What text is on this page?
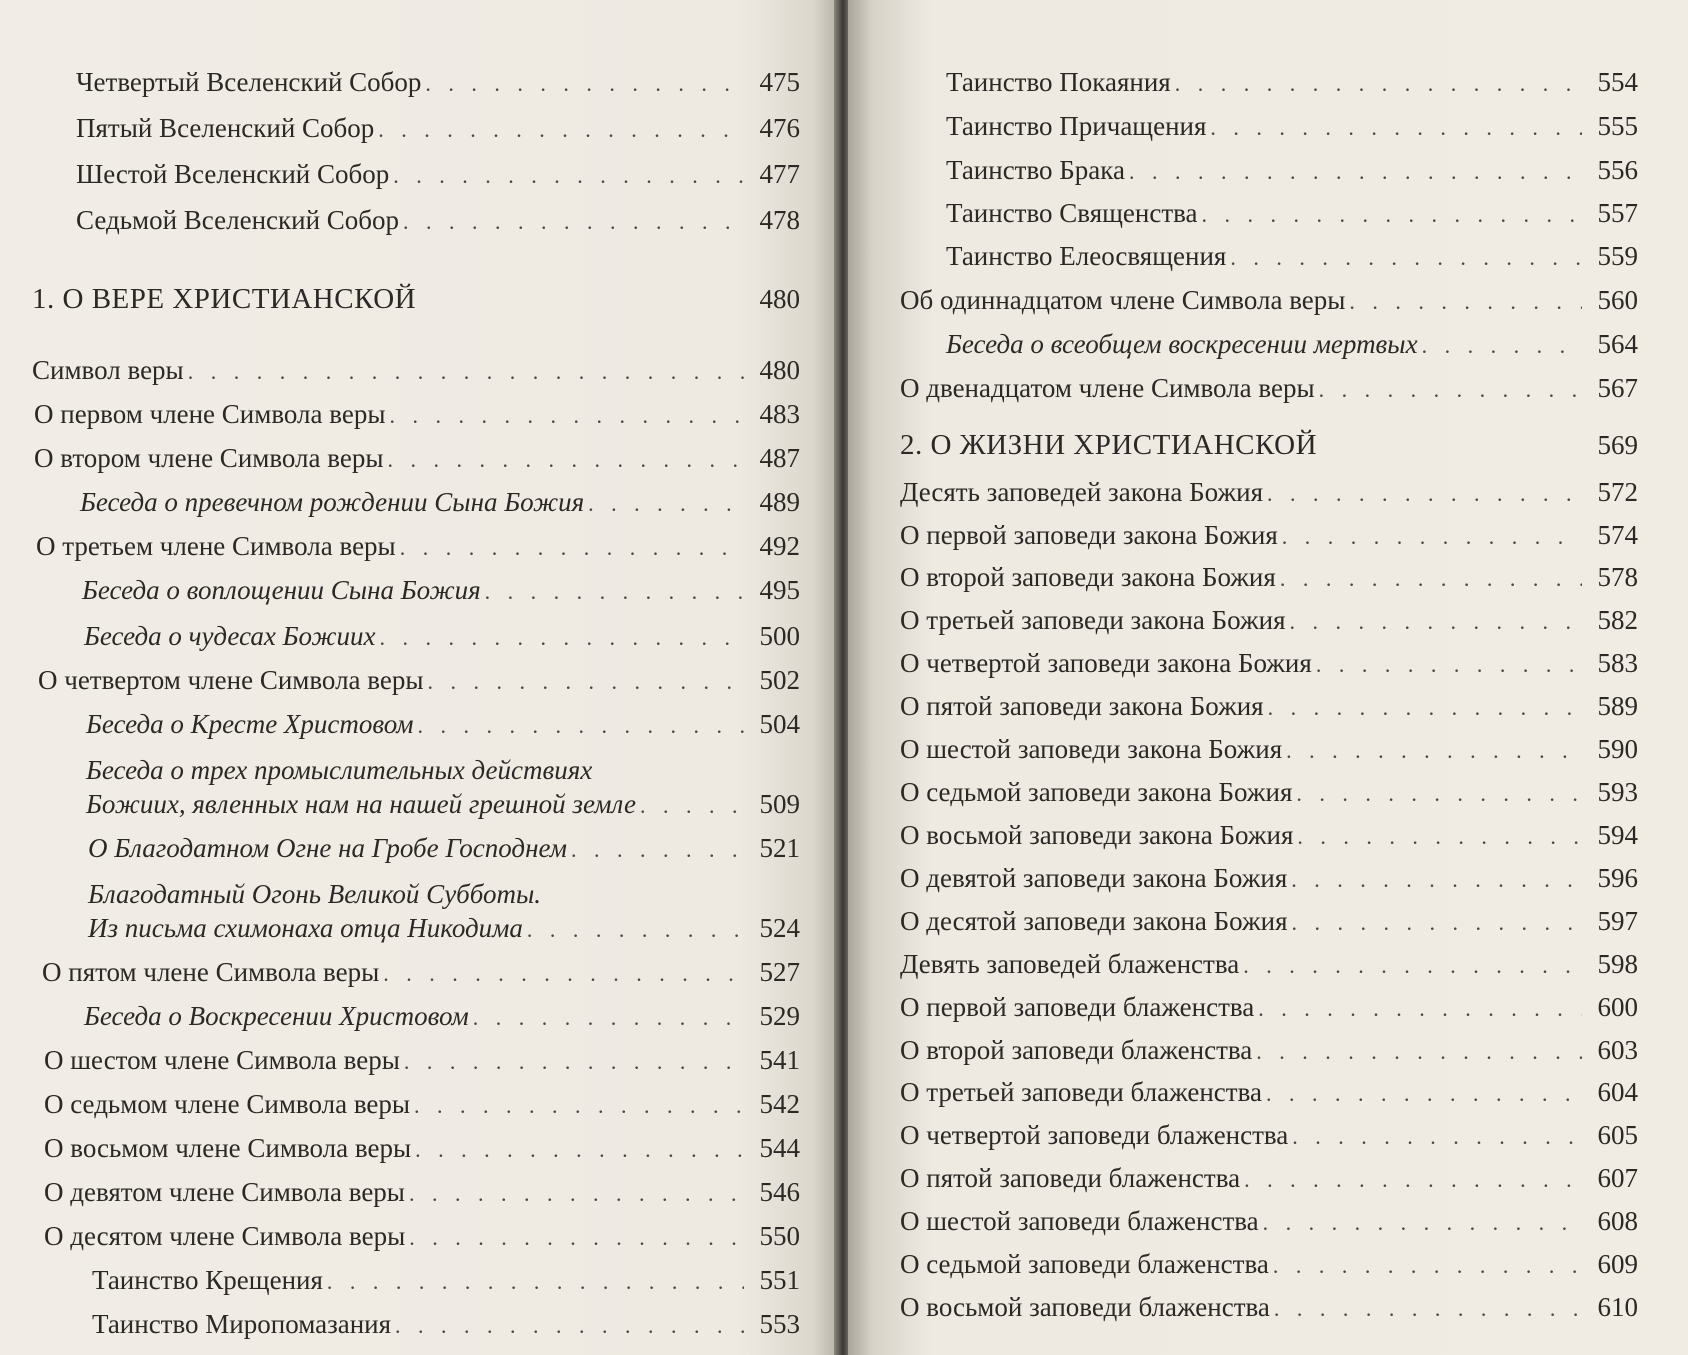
Четвертый Вселенский Собор . . .	475
Пятый Вселенский Собор . . .	476
Шестой Вселенский Собор . . .	477
Седьмой Вселенский Собор . . .	478
1. О ВЕРЕ ХРИСТИАНСКОЙ	480
Символ веры . . .	480
О первом члене Символа веры . . .	483
О втором члене Символа веры . . .	487
Беседа о превечном рождении Сына Божия . . .	489
О третьем члене Символа веры . . .	492
Беседа о воплощении Сына Божия . . .	495
Беседа о чудесах Божиих . . .	500
О четвертом члене Символа веры . . .	502
Беседа о Кресте Христовом . . .	504
Беседа о трех промыслительных действиях
Божиих, явленных нам на нашей грешной земле . . .	509
О Благодатном Огне на Гробе Господнем . . .	521
Благодатный Огонь Великой Субботы.
Из письма схимонаха отца Никодима . . .	524
О пятом члене Символа веры . . .	527
Беседа о Воскресении Христовом . . .	529
О шестом члене Символа веры . . .	541
О седьмом члене Символа веры . . .	542
О восьмом члене Символа веры . . .	544
О девятом члене Символа веры . . .	546
О десятом члене Символа веры . . .	550
Таинство Крещения . . .	551
Таинство Миропомазания . . .	553
Таинство Покаяния . . .	554
Таинство Причащения . . .	555
Таинство Брака . . .	556
Таинство Священства . . .	557
Таинство Елеосвящения . . .	559
Об одиннадцатом члене Символа веры . . .	560
Беседа о всеобщем воскресении мертвых . . .	564
О двенадцатом члене Символа веры . . .	567
2. О ЖИЗНИ ХРИСТИАНСКОЙ	569
Десять заповедей закона Божия . . .	572
О первой заповеди закона Божия . . .	574
О второй заповеди закона Божия . . .	578
О третьей заповеди закона Божия . . .	582
О четвертой заповеди закона Божия . . .	583
О пятой заповеди закона Божия . . .	589
О шестой заповеди закона Божия . . .	590
О седьмой заповеди закона Божия . . .	593
О восьмой заповеди закона Божия . . .	594
О девятой заповеди закона Божия . . .	596
О десятой заповеди закона Божия . . .	597
Девять заповедей блаженства . . .	598
О первой заповеди блаженства . . .	600
О второй заповеди блаженства . . .	603
О третьей заповеди блаженства . . .	604
О четвертой заповеди блаженства . . .	605
О пятой заповеди блаженства . . .	607
О шестой заповеди блаженства . . .	608
О седьмой заповеди блаженства . . .	609
О восьмой заповеди блаженства . . .	610
